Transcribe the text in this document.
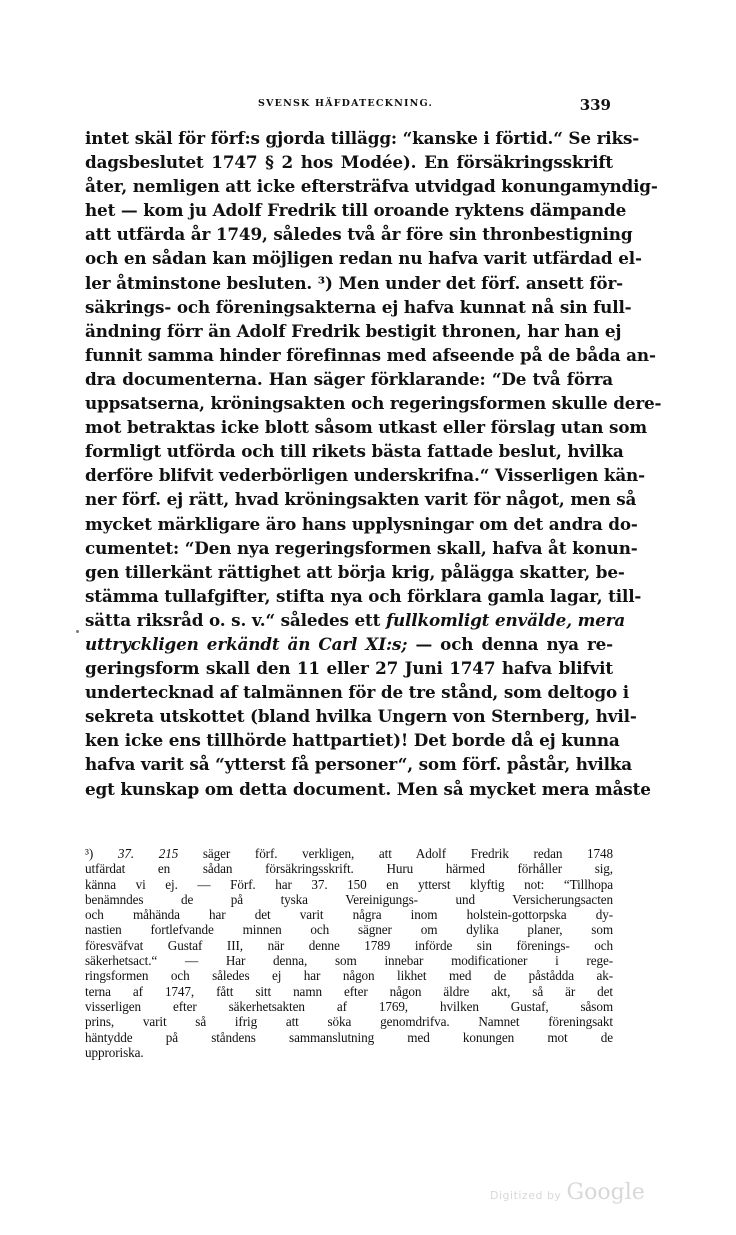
SVENSK HÄFDATECKNING.	339
intet skäl för förf:s gjorda tillägg: “kanske i förtid.“ Se riks-
dagsbeslutet 1747 § 2 hos Modée). En försäkringsskrift
åter, nemligen att icke eftersträfva utvidgad konungamyndig-
het — kom ju Adolf Fredrik till oroande ryktens dämpande
att utfärda år 1749, således två år före sin thronbestigning
och en sådan kan möjligen redan nu hafva varit utfärdad el-
ler åtminstone besluten. ³) Men under det förf. ansett för-
säkrings- och föreningsakterna ej hafva kunnat nå sin full-
ändning förr än Adolf Fredrik bestigit thronen, har han ej
funnit samma hinder förefinnas med afseende på de båda an-
dra documenterna. Han säger förklarande: “De två förra
uppsatserna, kröningsakten och regeringsformen skulle dere-
mot betraktas icke blott såsom utkast eller förslag utan som
formligt utförda och till rikets bästa fattade beslut, hvilka
derföre blifvit vederbörligen underskrifna.“ Visserligen kän-
ner förf. ej rätt, hvad kröningsakten varit för något, men så
mycket märkligare äro hans upplysningar om det andra do-
cumentet: “Den nya regeringsformen skall, hafva åt konun-
gen tillerkänt rättighet att börja krig, pålägga skatter, be-
stämma tullafgifter, stifta nya och förklara gamla lagar, till-
sätta riksråd o. s. v.“ således ett fullkomligt envälde, mera
uttryckligen erkändt än Carl XI:s; — och denna nya re-
geringsform skall den 11 eller 27 Juni 1747 hafva blifvit
undertecknad af talmännen för de tre stånd, som deltogo i
sekreta utskottet (bland hvilka Ungern von Sternberg, hvil-
ken icke ens tillhörde hattpartiet)! Det borde då ej kunna
hafva varit så “ytterst få personer“, som förf. påstår, hvilka
egt kunskap om detta document. Men så mycket mera måste
³) 37. 215 säger förf. verkligen, att Adolf Fredrik redan 1748
utfärdat en sådan försäkringsskrift. Huru härmed förhåller sig,
känna vi ej. — Förf. har 37. 150 en ytterst klyftig not: “Tillhopa
benämndes de på tyska Vereinigungs- und Versicherungsacten
och måhända har det varit några inom holstein-gottorpska dy-
nastien fortlefvande minnen och sägner om dylika planer, som
föresväfvat Gustaf III, när denne 1789 införde sin förenings- och
säkerhetsact.“ — Har denna, som innebar modificationer i rege-
ringsformen och således ej har någon likhet med de påstådda ak-
terna af 1747, fått sitt namn efter någon äldre akt, så är det
visserligen efter säkerhetsakten af 1769, hvilken Gustaf, såsom
prins, varit så ifrig att söka genomdrifva. Namnet föreningsakt
häntydde på ståndens sammanslutning med konungen mot de
upproriska.
Digitized by Google
